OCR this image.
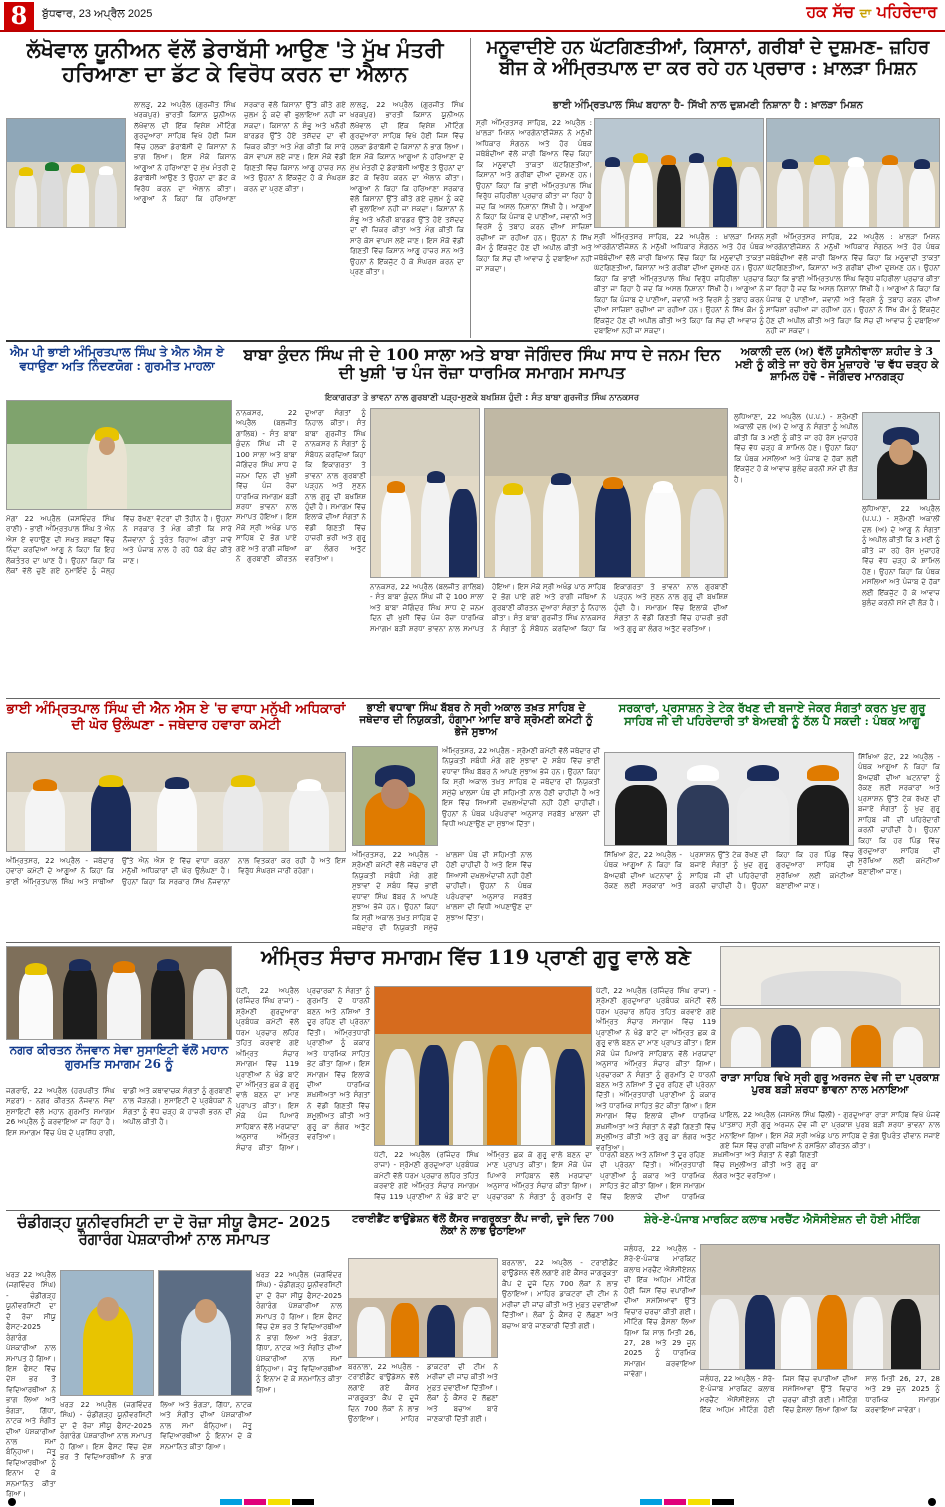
8	ਬੁੱਧਵਾਰ, 23 ਅਪ੍ਰੈਲ 2025	ਹਕ ਸੱਚ ਦਾ ਪਹਿਰੇਦਾਰ
ਲੱਖੋਵਾਲ ਯੂਨੀਅਨ ਵੱਲੋਂ ਡੇਰਾਬੱਸੀ ਆਉਣ 'ਤੇ ਮੁੱਖ ਮੰਤਰੀ ਹਰਿਆਣਾ ਦਾ ਡੱਟ ਕੇ ਵਿਰੋਧ ਕਰਨ ਦਾ ਐਲਾਨ
ਲਾਲੜੂ, 22 ਅਪ੍ਰੈਲ (ਗੁਰਜੀਤ ਸਿੰਘ ਖਰਕਪੁਰ) ਭਾਰਤੀ ਕਿਸਾਨ ਯੂਨੀਅਨ ਲੱਖੋਵਾਲ ਦੀ ਇੱਕ ਵਿਸ਼ੇਸ਼ ਮੀਟਿੰਗ ਗੁਰਦੁਆਰਾ ਸਾਹਿਬ ਵਿਖੇ ਹੋਈ ਜਿਸ ਵਿੱਚ ਹਲਕਾ ਡੇਰਾਬੱਸੀ ਦੇ ਕਿਸਾਨਾਂ ਨੇ ਭਾਗ ਲਿਆ। ਇਸ ਮੌਕੇ ਕਿਸਾਨ ਆਗੂਆਂ ਨੇ ਹਰਿਆਣਾ ਦੇ ਮੁੱਖ ਮੰਤਰੀ ਦੇ ਡੇਰਾਬੱਸੀ ਆਉਣ ਤੇ ਉਹਨਾਂ ਦਾ ਡੱਟ ਕੇ ਵਿਰੋਧ ਕਰਨ ਦਾ ਐਲਾਨ ਕੀਤਾ। ਆਗੂਆਂ ਨੇ ਕਿਹਾ ਕਿ ਹਰਿਆਣਾ ਸਰਕਾਰ ਵੱਲੋਂ ਕਿਸਾਨਾਂ ਉੱਤੇ ਕੀਤੇ ਗਏ ਜ਼ੁਲਮ ਨੂੰ ਕਦੇ ਵੀ ਭੁਲਾਇਆ ਨਹੀਂ ਜਾ ਸਕਦਾ। ਕਿਸਾਨਾਂ ਨੇ ਸ਼ੰਭੂ ਅਤੇ ਖਨੌਰੀ ਬਾਰਡਰ ਉੱਤੇ ਹੋਏ ਤਸ਼ੱਦਦ ਦਾ ਵੀ ਜ਼ਿਕਰ ਕੀਤਾ ਅਤੇ ਮੰਗ ਕੀਤੀ ਕਿ ਸਾਰੇ ਕੇਸ ਵਾਪਸ ਲਏ ਜਾਣ। ਇਸ ਮੌਕੇ ਵੱਡੀ ਗਿਣਤੀ ਵਿੱਚ ਕਿਸਾਨ ਆਗੂ ਹਾਜ਼ਰ ਸਨ ਅਤੇ ਉਹਨਾਂ ਨੇ ਇੱਕਜੁੱਟ ਹੋ ਕੇ ਸੰਘਰਸ਼ ਕਰਨ ਦਾ ਪ੍ਰਣ ਕੀਤਾ।
ਲਾਲੜੂ, 22 ਅਪ੍ਰੈਲ (ਗੁਰਜੀਤ ਸਿੰਘ ਖਰਕਪੁਰ) ਭਾਰਤੀ ਕਿਸਾਨ ਯੂਨੀਅਨ ਲੱਖੋਵਾਲ ਦੀ ਇੱਕ ਵਿਸ਼ੇਸ਼ ਮੀਟਿੰਗ ਗੁਰਦੁਆਰਾ ਸਾਹਿਬ ਵਿਖੇ ਹੋਈ ਜਿਸ ਵਿੱਚ ਹਲਕਾ ਡੇਰਾਬੱਸੀ ਦੇ ਕਿਸਾਨਾਂ ਨੇ ਭਾਗ ਲਿਆ। ਇਸ ਮੌਕੇ ਕਿਸਾਨ ਆਗੂਆਂ ਨੇ ਹਰਿਆਣਾ ਦੇ ਮੁੱਖ ਮੰਤਰੀ ਦੇ ਡੇਰਾਬੱਸੀ ਆਉਣ ਤੇ ਉਹਨਾਂ ਦਾ ਡੱਟ ਕੇ ਵਿਰੋਧ ਕਰਨ ਦਾ ਐਲਾਨ ਕੀਤਾ। ਆਗੂਆਂ ਨੇ ਕਿਹਾ ਕਿ ਹਰਿਆਣਾ ਸਰਕਾਰ ਵੱਲੋਂ ਕਿਸਾਨਾਂ ਉੱਤੇ ਕੀਤੇ ਗਏ ਜ਼ੁਲਮ ਨੂੰ ਕਦੇ ਵੀ ਭੁਲਾਇਆ ਨਹੀਂ ਜਾ ਸਕਦਾ। ਕਿਸਾਨਾਂ ਨੇ ਸ਼ੰਭੂ ਅਤੇ ਖਨੌਰੀ ਬਾਰਡਰ ਉੱਤੇ ਹੋਏ ਤਸ਼ੱਦਦ ਦਾ ਵੀ ਜ਼ਿਕਰ ਕੀਤਾ ਅਤੇ ਮੰਗ ਕੀਤੀ ਕਿ ਸਾਰੇ ਕੇਸ ਵਾਪਸ ਲਏ ਜਾਣ। ਇਸ ਮੌਕੇ ਵੱਡੀ ਗਿਣਤੀ ਵਿੱਚ ਕਿਸਾਨ ਆਗੂ ਹਾਜ਼ਰ ਸਨ ਅਤੇ ਉਹਨਾਂ ਨੇ ਇੱਕਜੁੱਟ ਹੋ ਕੇ ਸੰਘਰਸ਼ ਕਰਨ ਦਾ ਪ੍ਰਣ ਕੀਤਾ।
ਮਨੂਵਾਦੀਏ ਹਨ ਘੱਟਗਿਣਤੀਆਂ, ਕਿਸਾਨਾਂ, ਗਰੀਬਾਂ ਦੇ ਦੁਸ਼ਮਣ- ਜ਼ਹਿਰ ਬੀਜ ਕੇ ਅੰਮ੍ਰਿਤਪਾਲ ਦਾ ਕਰ ਰਹੇ ਹਨ ਪ੍ਰਚਾਰ : ਖ਼ਾਲੜਾ ਮਿਸ਼ਨ
ਭਾਈ ਅੰਮ੍ਰਿਤਪਾਲ ਸਿੰਘ ਬਹਾਨਾ ਹੈ- ਸਿੱਖੀ ਨਾਲ ਦੁਸ਼ਮਣੀ ਨਿਸ਼ਾਨਾ ਹੈ : ਖ਼ਾਲੜਾ ਮਿਸ਼ਨ
ਸ੍ਰੀ ਅੰਮ੍ਰਿਤਸਰ ਸਾਹਿਬ, 22 ਅਪ੍ਰੈਲ : ਖ਼ਾਲੜਾ ਮਿਸ਼ਨ ਆਰਗੇਨਾਈਜੇਸ਼ਨ ਨੇ ਮਨੁੱਖੀ ਅਧਿਕਾਰ ਸੰਗਠਨ ਅਤੇ ਹੋਰ ਪੰਥਕ ਜਥੇਬੰਦੀਆਂ ਵੱਲੋਂ ਜਾਰੀ ਬਿਆਨ ਵਿੱਚ ਕਿਹਾ ਕਿ ਮਨੂਵਾਦੀ ਤਾਕਤਾਂ ਘੱਟਗਿਣਤੀਆਂ, ਕਿਸਾਨਾਂ ਅਤੇ ਗਰੀਬਾਂ ਦੀਆਂ ਦੁਸ਼ਮਣ ਹਨ। ਉਹਨਾਂ ਕਿਹਾ ਕਿ ਭਾਈ ਅੰਮ੍ਰਿਤਪਾਲ ਸਿੰਘ ਵਿਰੁੱਧ ਜ਼ਹਿਰੀਲਾ ਪ੍ਰਚਾਰ ਕੀਤਾ ਜਾ ਰਿਹਾ ਹੈ ਜਦ ਕਿ ਅਸਲ ਨਿਸ਼ਾਨਾ ਸਿੱਖੀ ਹੈ। ਆਗੂਆਂ ਨੇ ਕਿਹਾ ਕਿ ਪੰਜਾਬ ਦੇ ਪਾਣੀਆਂ, ਜਵਾਨੀ ਅਤੇ ਵਿਰਸੇ ਨੂੰ ਤਬਾਹ ਕਰਨ ਦੀਆਂ ਸਾਜ਼ਿਸ਼ਾਂ ਰਚੀਆਂ ਜਾ ਰਹੀਆਂ ਹਨ। ਉਹਨਾਂ ਨੇ ਸਿੱਖ ਕੌਮ ਨੂੰ ਇੱਕਜੁੱਟ ਹੋਣ ਦੀ ਅਪੀਲ ਕੀਤੀ ਅਤੇ ਕਿਹਾ ਕਿ ਸੱਚ ਦੀ ਆਵਾਜ਼ ਨੂੰ ਦਬਾਇਆ ਨਹੀਂ ਜਾ ਸਕਦਾ।
ਸ੍ਰੀ ਅੰਮ੍ਰਿਤਸਰ ਸਾਹਿਬ, 22 ਅਪ੍ਰੈਲ : ਖ਼ਾਲੜਾ ਮਿਸ਼ਨ ਆਰਗੇਨਾਈਜੇਸ਼ਨ ਨੇ ਮਨੁੱਖੀ ਅਧਿਕਾਰ ਸੰਗਠਨ ਅਤੇ ਹੋਰ ਪੰਥਕ ਜਥੇਬੰਦੀਆਂ ਵੱਲੋਂ ਜਾਰੀ ਬਿਆਨ ਵਿੱਚ ਕਿਹਾ ਕਿ ਮਨੂਵਾਦੀ ਤਾਕਤਾਂ ਘੱਟਗਿਣਤੀਆਂ, ਕਿਸਾਨਾਂ ਅਤੇ ਗਰੀਬਾਂ ਦੀਆਂ ਦੁਸ਼ਮਣ ਹਨ। ਉਹਨਾਂ ਕਿਹਾ ਕਿ ਭਾਈ ਅੰਮ੍ਰਿਤਪਾਲ ਸਿੰਘ ਵਿਰੁੱਧ ਜ਼ਹਿਰੀਲਾ ਪ੍ਰਚਾਰ ਕੀਤਾ ਜਾ ਰਿਹਾ ਹੈ ਜਦ ਕਿ ਅਸਲ ਨਿਸ਼ਾਨਾ ਸਿੱਖੀ ਹੈ। ਆਗੂਆਂ ਨੇ ਕਿਹਾ ਕਿ ਪੰਜਾਬ ਦੇ ਪਾਣੀਆਂ, ਜਵਾਨੀ ਅਤੇ ਵਿਰਸੇ ਨੂੰ ਤਬਾਹ ਕਰਨ ਦੀਆਂ ਸਾਜ਼ਿਸ਼ਾਂ ਰਚੀਆਂ ਜਾ ਰਹੀਆਂ ਹਨ। ਉਹਨਾਂ ਨੇ ਸਿੱਖ ਕੌਮ ਨੂੰ ਇੱਕਜੁੱਟ ਹੋਣ ਦੀ ਅਪੀਲ ਕੀਤੀ ਅਤੇ ਕਿਹਾ ਕਿ ਸੱਚ ਦੀ ਆਵਾਜ਼ ਨੂੰ ਦਬਾਇਆ ਨਹੀਂ ਜਾ ਸਕਦਾ।
ਸ੍ਰੀ ਅੰਮ੍ਰਿਤਸਰ ਸਾਹਿਬ, 22 ਅਪ੍ਰੈਲ : ਖ਼ਾਲੜਾ ਮਿਸ਼ਨ ਆਰਗੇਨਾਈਜੇਸ਼ਨ ਨੇ ਮਨੁੱਖੀ ਅਧਿਕਾਰ ਸੰਗਠਨ ਅਤੇ ਹੋਰ ਪੰਥਕ ਜਥੇਬੰਦੀਆਂ ਵੱਲੋਂ ਜਾਰੀ ਬਿਆਨ ਵਿੱਚ ਕਿਹਾ ਕਿ ਮਨੂਵਾਦੀ ਤਾਕਤਾਂ ਘੱਟਗਿਣਤੀਆਂ, ਕਿਸਾਨਾਂ ਅਤੇ ਗਰੀਬਾਂ ਦੀਆਂ ਦੁਸ਼ਮਣ ਹਨ। ਉਹਨਾਂ ਕਿਹਾ ਕਿ ਭਾਈ ਅੰਮ੍ਰਿਤਪਾਲ ਸਿੰਘ ਵਿਰੁੱਧ ਜ਼ਹਿਰੀਲਾ ਪ੍ਰਚਾਰ ਕੀਤਾ ਜਾ ਰਿਹਾ ਹੈ ਜਦ ਕਿ ਅਸਲ ਨਿਸ਼ਾਨਾ ਸਿੱਖੀ ਹੈ। ਆਗੂਆਂ ਨੇ ਕਿਹਾ ਕਿ ਪੰਜਾਬ ਦੇ ਪਾਣੀਆਂ, ਜਵਾਨੀ ਅਤੇ ਵਿਰਸੇ ਨੂੰ ਤਬਾਹ ਕਰਨ ਦੀਆਂ ਸਾਜ਼ਿਸ਼ਾਂ ਰਚੀਆਂ ਜਾ ਰਹੀਆਂ ਹਨ। ਉਹਨਾਂ ਨੇ ਸਿੱਖ ਕੌਮ ਨੂੰ ਇੱਕਜੁੱਟ ਹੋਣ ਦੀ ਅਪੀਲ ਕੀਤੀ ਅਤੇ ਕਿਹਾ ਕਿ ਸੱਚ ਦੀ ਆਵਾਜ਼ ਨੂੰ ਦਬਾਇਆ ਨਹੀਂ ਜਾ ਸਕਦਾ।
ਐਮ ਪੀ ਭਾਈ ਅੰਮ੍ਰਿਤਪਾਲ ਸਿੰਘ ਤੇ ਐਨ ਐਸ ਏ ਵਧਾਉਣਾ ਅਤਿ ਨਿੰਦਣਯੋਗ : ਗੁਰਮੀਤ ਮਾਹਲਾ
ਮੋਗਾ 22 ਅਪ੍ਰੈਲ (ਜਸਵਿੰਦਰ ਸਿੰਘ ਰਾਣੀ) - ਭਾਈ ਅੰਮ੍ਰਿਤਪਾਲ ਸਿੰਘ ਤੇ ਐਨ ਐਸ ਏ ਵਧਾਉਣ ਦੀ ਸਖ਼ਤ ਸ਼ਬਦਾਂ ਵਿੱਚ ਨਿੰਦਾ ਕਰਦਿਆਂ ਆਗੂ ਨੇ ਕਿਹਾ ਕਿ ਇਹ ਲੋਕਤੰਤਰ ਦਾ ਘਾਣ ਹੈ। ਉਹਨਾਂ ਕਿਹਾ ਕਿ ਲੋਕਾਂ ਵੱਲੋਂ ਚੁਣੇ ਗਏ ਨੁਮਾਇੰਦੇ ਨੂੰ ਜੇਲ੍ਹ ਵਿੱਚ ਰੱਖਣਾ ਵੋਟਰਾਂ ਦੀ ਤੌਹੀਨ ਹੈ। ਉਹਨਾਂ ਨੇ ਸਰਕਾਰ ਤੋਂ ਮੰਗ ਕੀਤੀ ਕਿ ਸਾਰੇ ਨੌਜਵਾਨਾਂ ਨੂੰ ਤੁਰੰਤ ਰਿਹਾਅ ਕੀਤਾ ਜਾਵੇ ਅਤੇ ਪੰਜਾਬ ਨਾਲ ਹੋ ਰਹੇ ਧੱਕੇ ਬੰਦ ਕੀਤੇ ਜਾਣ।
ਬਾਬਾ ਕੁੰਦਨ ਸਿੰਘ ਜੀ ਦੇ 100 ਸਾਲਾ ਅਤੇ ਬਾਬਾ ਜੋਗਿੰਦਰ ਸਿੰਘ ਸਾਧ ਦੇ ਜਨਮ ਦਿਨ ਦੀ ਖੁਸ਼ੀ 'ਚ ਪੰਜ ਰੋਜ਼ਾ ਧਾਰਮਿਕ ਸਮਾਗਮ ਸਮਾਪਤ
ਇਕਾਗਰਤਾ ਤੇ ਭਾਵਨਾ ਨਾਲ ਗੁਰਬਾਣੀ ਪੜ੍ਹ-ਸੁਣਕੇ ਬਖਸ਼ਿਸ਼ ਹੁੰਦੀ : ਸੰਤ ਬਾਬਾ ਗੁਰਜੀਤ ਸਿੰਘ ਨਾਨਕਸਰ
ਨਾਨਕਸਰ, 22 ਅਪ੍ਰੈਲ (ਬਲਜੀਤ ਗਾਲਿਬ) - ਸੰਤ ਬਾਬਾ ਕੁੰਦਨ ਸਿੰਘ ਜੀ ਦੇ 100 ਸਾਲਾ ਅਤੇ ਬਾਬਾ ਜੋਗਿੰਦਰ ਸਿੰਘ ਸਾਧ ਦੇ ਜਨਮ ਦਿਨ ਦੀ ਖੁਸ਼ੀ ਵਿੱਚ ਪੰਜ ਰੋਜ਼ਾ ਧਾਰਮਿਕ ਸਮਾਗਮ ਬੜੀ ਸ਼ਰਧਾ ਭਾਵਨਾ ਨਾਲ ਸਮਾਪਤ ਹੋਇਆ। ਇਸ ਮੌਕੇ ਸ੍ਰੀ ਅਖੰਡ ਪਾਠ ਸਾਹਿਬ ਦੇ ਭੋਗ ਪਾਏ ਗਏ ਅਤੇ ਰਾਗੀ ਜਥਿਆਂ ਨੇ ਗੁਰਬਾਣੀ ਕੀਰਤਨ ਦੁਆਰਾ ਸੰਗਤਾਂ ਨੂੰ ਨਿਹਾਲ ਕੀਤਾ। ਸੰਤ ਬਾਬਾ ਗੁਰਜੀਤ ਸਿੰਘ ਨਾਨਕਸਰ ਨੇ ਸੰਗਤਾਂ ਨੂੰ ਸੰਬੋਧਨ ਕਰਦਿਆਂ ਕਿਹਾ ਕਿ ਇਕਾਗਰਤਾ ਤੇ ਭਾਵਨਾ ਨਾਲ ਗੁਰਬਾਣੀ ਪੜ੍ਹਨ ਅਤੇ ਸੁਣਨ ਨਾਲ ਗੁਰੂ ਦੀ ਬਖਸ਼ਿਸ਼ ਹੁੰਦੀ ਹੈ। ਸਮਾਗਮ ਵਿੱਚ ਇਲਾਕੇ ਦੀਆਂ ਸੰਗਤਾਂ ਨੇ ਵੱਡੀ ਗਿਣਤੀ ਵਿੱਚ ਹਾਜ਼ਰੀ ਭਰੀ ਅਤੇ ਗੁਰੂ ਕਾ ਲੰਗਰ ਅਤੁੱਟ ਵਰਤਿਆ।
ਨਾਨਕਸਰ, 22 ਅਪ੍ਰੈਲ (ਬਲਜੀਤ ਗਾਲਿਬ) - ਸੰਤ ਬਾਬਾ ਕੁੰਦਨ ਸਿੰਘ ਜੀ ਦੇ 100 ਸਾਲਾ ਅਤੇ ਬਾਬਾ ਜੋਗਿੰਦਰ ਸਿੰਘ ਸਾਧ ਦੇ ਜਨਮ ਦਿਨ ਦੀ ਖੁਸ਼ੀ ਵਿੱਚ ਪੰਜ ਰੋਜ਼ਾ ਧਾਰਮਿਕ ਸਮਾਗਮ ਬੜੀ ਸ਼ਰਧਾ ਭਾਵਨਾ ਨਾਲ ਸਮਾਪਤ ਹੋਇਆ। ਇਸ ਮੌਕੇ ਸ੍ਰੀ ਅਖੰਡ ਪਾਠ ਸਾਹਿਬ ਦੇ ਭੋਗ ਪਾਏ ਗਏ ਅਤੇ ਰਾਗੀ ਜਥਿਆਂ ਨੇ ਗੁਰਬਾਣੀ ਕੀਰਤਨ ਦੁਆਰਾ ਸੰਗਤਾਂ ਨੂੰ ਨਿਹਾਲ ਕੀਤਾ। ਸੰਤ ਬਾਬਾ ਗੁਰਜੀਤ ਸਿੰਘ ਨਾਨਕਸਰ ਨੇ ਸੰਗਤਾਂ ਨੂੰ ਸੰਬੋਧਨ ਕਰਦਿਆਂ ਕਿਹਾ ਕਿ ਇਕਾਗਰਤਾ ਤੇ ਭਾਵਨਾ ਨਾਲ ਗੁਰਬਾਣੀ ਪੜ੍ਹਨ ਅਤੇ ਸੁਣਨ ਨਾਲ ਗੁਰੂ ਦੀ ਬਖਸ਼ਿਸ਼ ਹੁੰਦੀ ਹੈ। ਸਮਾਗਮ ਵਿੱਚ ਇਲਾਕੇ ਦੀਆਂ ਸੰਗਤਾਂ ਨੇ ਵੱਡੀ ਗਿਣਤੀ ਵਿੱਚ ਹਾਜ਼ਰੀ ਭਰੀ ਅਤੇ ਗੁਰੂ ਕਾ ਲੰਗਰ ਅਤੁੱਟ ਵਰਤਿਆ।
ਅਕਾਲੀ ਦਲ (ਅ) ਵੱਲੋਂ ਯੂਸੈਨੀਵਾਲਾ ਸ਼ਹੀਦ ਤੇ 3 ਮਈ ਨੂੰ ਕੀਤੇ ਜਾ ਰਹੇ ਰੋਸ ਮੁਜ਼ਾਹਰੇ 'ਚ ਵੱਧ ਚੜ੍ਹ ਕੇ ਸ਼ਾਮਿਲ ਹੋਵੋ - ਜੋਗਿੰਦਰ ਮਾਨਗੜ੍ਹ
ਲੁਧਿਆਣਾ, 22 ਅਪ੍ਰੈਲ (ਪ.ਪ.) - ਸ਼੍ਰੋਮਣੀ ਅਕਾਲੀ ਦਲ (ਅ) ਦੇ ਆਗੂ ਨੇ ਸੰਗਤਾਂ ਨੂੰ ਅਪੀਲ ਕੀਤੀ ਕਿ 3 ਮਈ ਨੂੰ ਕੀਤੇ ਜਾ ਰਹੇ ਰੋਸ ਮੁਜ਼ਾਹਰੇ ਵਿੱਚ ਵੱਧ ਚੜ੍ਹ ਕੇ ਸ਼ਾਮਿਲ ਹੋਣ। ਉਹਨਾਂ ਕਿਹਾ ਕਿ ਪੰਥਕ ਮਸਲਿਆਂ ਅਤੇ ਪੰਜਾਬ ਦੇ ਹੱਕਾਂ ਲਈ ਇੱਕਜੁੱਟ ਹੋ ਕੇ ਆਵਾਜ਼ ਬੁਲੰਦ ਕਰਨੀ ਸਮੇਂ ਦੀ ਲੋੜ ਹੈ।
ਲੁਧਿਆਣਾ, 22 ਅਪ੍ਰੈਲ (ਪ.ਪ.) - ਸ਼੍ਰੋਮਣੀ ਅਕਾਲੀ ਦਲ (ਅ) ਦੇ ਆਗੂ ਨੇ ਸੰਗਤਾਂ ਨੂੰ ਅਪੀਲ ਕੀਤੀ ਕਿ 3 ਮਈ ਨੂੰ ਕੀਤੇ ਜਾ ਰਹੇ ਰੋਸ ਮੁਜ਼ਾਹਰੇ ਵਿੱਚ ਵੱਧ ਚੜ੍ਹ ਕੇ ਸ਼ਾਮਿਲ ਹੋਣ। ਉਹਨਾਂ ਕਿਹਾ ਕਿ ਪੰਥਕ ਮਸਲਿਆਂ ਅਤੇ ਪੰਜਾਬ ਦੇ ਹੱਕਾਂ ਲਈ ਇੱਕਜੁੱਟ ਹੋ ਕੇ ਆਵਾਜ਼ ਬੁਲੰਦ ਕਰਨੀ ਸਮੇਂ ਦੀ ਲੋੜ ਹੈ।
ਭਾਈ ਅੰਮ੍ਰਿਤਪਾਲ ਸਿੰਘ ਦੀ ਐਨ ਐਸ ਏ 'ਚ ਵਾਧਾ ਮਨੁੱਖੀ ਅਧਿਕਾਰਾਂ ਦੀ ਘੋਰ ਉਲੰਘਣਾ - ਜਥੇਦਾਰ ਹਵਾਰਾ ਕਮੇਟੀ
ਅੰਮ੍ਰਿਤਸਰ, 22 ਅਪ੍ਰੈਲ - ਜਥੇਦਾਰ ਹਵਾਰਾ ਕਮੇਟੀ ਦੇ ਆਗੂਆਂ ਨੇ ਕਿਹਾ ਕਿ ਭਾਈ ਅੰਮ੍ਰਿਤਪਾਲ ਸਿੰਘ ਅਤੇ ਸਾਥੀਆਂ ਉੱਤੇ ਐਨ ਐਸ ਏ ਵਿੱਚ ਵਾਧਾ ਕਰਨਾ ਮਨੁੱਖੀ ਅਧਿਕਾਰਾਂ ਦੀ ਘੋਰ ਉਲੰਘਣਾ ਹੈ। ਉਹਨਾਂ ਕਿਹਾ ਕਿ ਸਰਕਾਰ ਸਿੱਖ ਨੌਜਵਾਨਾਂ ਨਾਲ ਵਿਤਕਰਾ ਕਰ ਰਹੀ ਹੈ ਅਤੇ ਇਸ ਵਿਰੁੱਧ ਸੰਘਰਸ਼ ਜਾਰੀ ਰਹੇਗਾ।
ਭਾਈ ਵਧਾਵਾ ਸਿੰਘ ਬੱਬਰ ਨੇ ਸ੍ਰੀ ਅਕਾਲ ਤਖ਼ਤ ਸਾਹਿਬ ਦੇ ਜਥੇਦਾਰ ਦੀ ਨਿਯੁਕਤੀ, ਹੰਗਾਮਾ ਆਦਿ ਬਾਰੇ ਸ਼੍ਰੋਮਣੀ ਕਮੇਟੀ ਨੂੰ ਭੇਜੇ ਸੁਝਾਅ
ਅੰਮ੍ਰਿਤਸਰ, 22 ਅਪ੍ਰੈਲ - ਸ਼੍ਰੋਮਣੀ ਕਮੇਟੀ ਵੱਲੋਂ ਜਥੇਦਾਰ ਦੀ ਨਿਯੁਕਤੀ ਸਬੰਧੀ ਮੰਗੇ ਗਏ ਸੁਝਾਵਾਂ ਦੇ ਸਬੰਧ ਵਿੱਚ ਭਾਈ ਵਧਾਵਾ ਸਿੰਘ ਬੱਬਰ ਨੇ ਆਪਣੇ ਸੁਝਾਅ ਭੇਜੇ ਹਨ। ਉਹਨਾਂ ਕਿਹਾ ਕਿ ਸ੍ਰੀ ਅਕਾਲ ਤਖ਼ਤ ਸਾਹਿਬ ਦੇ ਜਥੇਦਾਰ ਦੀ ਨਿਯੁਕਤੀ ਸਮੁੱਚੇ ਖ਼ਾਲਸਾ ਪੰਥ ਦੀ ਸਹਿਮਤੀ ਨਾਲ ਹੋਣੀ ਚਾਹੀਦੀ ਹੈ ਅਤੇ ਇਸ ਵਿੱਚ ਸਿਆਸੀ ਦਖ਼ਲਅੰਦਾਜ਼ੀ ਨਹੀਂ ਹੋਣੀ ਚਾਹੀਦੀ। ਉਹਨਾਂ ਨੇ ਪੰਥਕ ਪਰੰਪਰਾਵਾਂ ਅਨੁਸਾਰ ਸਰਬੱਤ ਖ਼ਾਲਸਾ ਦੀ ਵਿਧੀ ਅਪਣਾਉਣ ਦਾ ਸੁਝਾਅ ਦਿੱਤਾ।
ਅੰਮ੍ਰਿਤਸਰ, 22 ਅਪ੍ਰੈਲ - ਸ਼੍ਰੋਮਣੀ ਕਮੇਟੀ ਵੱਲੋਂ ਜਥੇਦਾਰ ਦੀ ਨਿਯੁਕਤੀ ਸਬੰਧੀ ਮੰਗੇ ਗਏ ਸੁਝਾਵਾਂ ਦੇ ਸਬੰਧ ਵਿੱਚ ਭਾਈ ਵਧਾਵਾ ਸਿੰਘ ਬੱਬਰ ਨੇ ਆਪਣੇ ਸੁਝਾਅ ਭੇਜੇ ਹਨ। ਉਹਨਾਂ ਕਿਹਾ ਕਿ ਸ੍ਰੀ ਅਕਾਲ ਤਖ਼ਤ ਸਾਹਿਬ ਦੇ ਜਥੇਦਾਰ ਦੀ ਨਿਯੁਕਤੀ ਸਮੁੱਚੇ ਖ਼ਾਲਸਾ ਪੰਥ ਦੀ ਸਹਿਮਤੀ ਨਾਲ ਹੋਣੀ ਚਾਹੀਦੀ ਹੈ ਅਤੇ ਇਸ ਵਿੱਚ ਸਿਆਸੀ ਦਖ਼ਲਅੰਦਾਜ਼ੀ ਨਹੀਂ ਹੋਣੀ ਚਾਹੀਦੀ। ਉਹਨਾਂ ਨੇ ਪੰਥਕ ਪਰੰਪਰਾਵਾਂ ਅਨੁਸਾਰ ਸਰਬੱਤ ਖ਼ਾਲਸਾ ਦੀ ਵਿਧੀ ਅਪਣਾਉਣ ਦਾ ਸੁਝਾਅ ਦਿੱਤਾ।
ਸਰਕਾਰਾਂ, ਪ੍ਰਸਾਸ਼ਨ ਤੇ ਟੇਕ ਰੱਖਣ ਦੀ ਬਜਾਏ ਜੇਕਰ ਸੰਗਤਾਂ ਕਰਨ ਖੁਦ ਗੁਰੂ ਸਾਹਿਬ ਜੀ ਦੀ ਪਹਿਰੇਦਾਰੀ ਤਾਂ ਬੇਅਦਬੀ ਨੂੰ ਠੱਲ ਪੈ ਸਕਦੀ : ਪੰਥਕ ਆਗੂ
ਸਿੱਖਿਆ ਫ਼ੇਟ, 22 ਅਪ੍ਰੈਲ - ਪੰਥਕ ਆਗੂਆਂ ਨੇ ਕਿਹਾ ਕਿ ਬੇਅਦਬੀ ਦੀਆਂ ਘਟਨਾਵਾਂ ਨੂੰ ਰੋਕਣ ਲਈ ਸਰਕਾਰਾਂ ਅਤੇ ਪ੍ਰਸਾਸ਼ਨ ਉੱਤੇ ਟੇਕ ਰੱਖਣ ਦੀ ਬਜਾਏ ਸੰਗਤਾਂ ਨੂੰ ਖੁਦ ਗੁਰੂ ਸਾਹਿਬ ਜੀ ਦੀ ਪਹਿਰੇਦਾਰੀ ਕਰਨੀ ਚਾਹੀਦੀ ਹੈ। ਉਹਨਾਂ ਕਿਹਾ ਕਿ ਹਰ ਪਿੰਡ ਵਿੱਚ ਗੁਰਦੁਆਰਾ ਸਾਹਿਬ ਦੀ ਸੁਰੱਖਿਆ ਲਈ ਕਮੇਟੀਆਂ ਬਣਾਈਆਂ ਜਾਣ।
ਸਿੱਖਿਆ ਫ਼ੇਟ, 22 ਅਪ੍ਰੈਲ - ਪੰਥਕ ਆਗੂਆਂ ਨੇ ਕਿਹਾ ਕਿ ਬੇਅਦਬੀ ਦੀਆਂ ਘਟਨਾਵਾਂ ਨੂੰ ਰੋਕਣ ਲਈ ਸਰਕਾਰਾਂ ਅਤੇ ਪ੍ਰਸਾਸ਼ਨ ਉੱਤੇ ਟੇਕ ਰੱਖਣ ਦੀ ਬਜਾਏ ਸੰਗਤਾਂ ਨੂੰ ਖੁਦ ਗੁਰੂ ਸਾਹਿਬ ਜੀ ਦੀ ਪਹਿਰੇਦਾਰੀ ਕਰਨੀ ਚਾਹੀਦੀ ਹੈ। ਉਹਨਾਂ ਕਿਹਾ ਕਿ ਹਰ ਪਿੰਡ ਵਿੱਚ ਗੁਰਦੁਆਰਾ ਸਾਹਿਬ ਦੀ ਸੁਰੱਖਿਆ ਲਈ ਕਮੇਟੀਆਂ ਬਣਾਈਆਂ ਜਾਣ।
ਅੰਮ੍ਰਿਤ ਸੰਚਾਰ ਸਮਾਗਮ ਵਿੱਚ 119 ਪ੍ਰਾਣੀ ਗੁਰੂ ਵਾਲੇ ਬਣੇ
ਪੱਟੀ, 22 ਅਪ੍ਰੈਲ (ਰਜਿੰਦਰ ਸਿੰਘ ਰਾਜਾ) - ਸ਼੍ਰੋਮਣੀ ਗੁਰਦੁਆਰਾ ਪ੍ਰਬੰਧਕ ਕਮੇਟੀ ਵੱਲੋਂ ਧਰਮ ਪ੍ਰਚਾਰ ਲਹਿਰ ਤਹਿਤ ਕਰਵਾਏ ਗਏ ਅੰਮ੍ਰਿਤ ਸੰਚਾਰ ਸਮਾਗਮ ਵਿੱਚ 119 ਪ੍ਰਾਣੀਆਂ ਨੇ ਖੰਡੇ ਬਾਟੇ ਦਾ ਅੰਮ੍ਰਿਤ ਛਕ ਕੇ ਗੁਰੂ ਵਾਲੇ ਬਣਨ ਦਾ ਮਾਣ ਪ੍ਰਾਪਤ ਕੀਤਾ। ਇਸ ਮੌਕੇ ਪੰਜ ਪਿਆਰੇ ਸਾਹਿਬਾਨ ਵੱਲੋਂ ਮਰਯਾਦਾ ਅਨੁਸਾਰ ਅੰਮ੍ਰਿਤ ਸੰਚਾਰ ਕੀਤਾ ਗਿਆ। ਪ੍ਰਚਾਰਕਾਂ ਨੇ ਸੰਗਤਾਂ ਨੂੰ ਗੁਰਮਤਿ ਦੇ ਧਾਰਨੀ ਬਣਨ ਅਤੇ ਨਸ਼ਿਆਂ ਤੋਂ ਦੂਰ ਰਹਿਣ ਦੀ ਪ੍ਰੇਰਨਾ ਦਿੱਤੀ। ਅੰਮ੍ਰਿਤਧਾਰੀ ਪ੍ਰਾਣੀਆਂ ਨੂੰ ਕਕਾਰ ਅਤੇ ਧਾਰਮਿਕ ਸਾਹਿਤ ਭੇਟ ਕੀਤਾ ਗਿਆ। ਇਸ ਸਮਾਗਮ ਵਿੱਚ ਇਲਾਕੇ ਦੀਆਂ ਧਾਰਮਿਕ ਸ਼ਖ਼ਸੀਅਤਾਂ ਅਤੇ ਸੰਗਤਾਂ ਨੇ ਵੱਡੀ ਗਿਣਤੀ ਵਿੱਚ ਸ਼ਮੂਲੀਅਤ ਕੀਤੀ ਅਤੇ ਗੁਰੂ ਕਾ ਲੰਗਰ ਅਤੁੱਟ ਵਰਤਿਆ।
ਪੱਟੀ, 22 ਅਪ੍ਰੈਲ (ਰਜਿੰਦਰ ਸਿੰਘ ਰਾਜਾ) - ਸ਼੍ਰੋਮਣੀ ਗੁਰਦੁਆਰਾ ਪ੍ਰਬੰਧਕ ਕਮੇਟੀ ਵੱਲੋਂ ਧਰਮ ਪ੍ਰਚਾਰ ਲਹਿਰ ਤਹਿਤ ਕਰਵਾਏ ਗਏ ਅੰਮ੍ਰਿਤ ਸੰਚਾਰ ਸਮਾਗਮ ਵਿੱਚ 119 ਪ੍ਰਾਣੀਆਂ ਨੇ ਖੰਡੇ ਬਾਟੇ ਦਾ ਅੰਮ੍ਰਿਤ ਛਕ ਕੇ ਗੁਰੂ ਵਾਲੇ ਬਣਨ ਦਾ ਮਾਣ ਪ੍ਰਾਪਤ ਕੀਤਾ। ਇਸ ਮੌਕੇ ਪੰਜ ਪਿਆਰੇ ਸਾਹਿਬਾਨ ਵੱਲੋਂ ਮਰਯਾਦਾ ਅਨੁਸਾਰ ਅੰਮ੍ਰਿਤ ਸੰਚਾਰ ਕੀਤਾ ਗਿਆ। ਪ੍ਰਚਾਰਕਾਂ ਨੇ ਸੰਗਤਾਂ ਨੂੰ ਗੁਰਮਤਿ ਦੇ ਧਾਰਨੀ ਬਣਨ ਅਤੇ ਨਸ਼ਿਆਂ ਤੋਂ ਦੂਰ ਰਹਿਣ ਦੀ ਪ੍ਰੇਰਨਾ ਦਿੱਤੀ। ਅੰਮ੍ਰਿਤਧਾਰੀ ਪ੍ਰਾਣੀਆਂ ਨੂੰ ਕਕਾਰ ਅਤੇ ਧਾਰਮਿਕ ਸਾਹਿਤ ਭੇਟ ਕੀਤਾ ਗਿਆ। ਇਸ ਸਮਾਗਮ ਵਿੱਚ ਇਲਾਕੇ ਦੀਆਂ ਧਾਰਮਿਕ ਸ਼ਖ਼ਸੀਅਤਾਂ ਅਤੇ ਸੰਗਤਾਂ ਨੇ ਵੱਡੀ ਗਿਣਤੀ ਵਿੱਚ ਸ਼ਮੂਲੀਅਤ ਕੀਤੀ ਅਤੇ ਗੁਰੂ ਕਾ ਲੰਗਰ ਅਤੁੱਟ ਵਰਤਿਆ।
ਪੱਟੀ, 22 ਅਪ੍ਰੈਲ (ਰਜਿੰਦਰ ਸਿੰਘ ਰਾਜਾ) - ਸ਼੍ਰੋਮਣੀ ਗੁਰਦੁਆਰਾ ਪ੍ਰਬੰਧਕ ਕਮੇਟੀ ਵੱਲੋਂ ਧਰਮ ਪ੍ਰਚਾਰ ਲਹਿਰ ਤਹਿਤ ਕਰਵਾਏ ਗਏ ਅੰਮ੍ਰਿਤ ਸੰਚਾਰ ਸਮਾਗਮ ਵਿੱਚ 119 ਪ੍ਰਾਣੀਆਂ ਨੇ ਖੰਡੇ ਬਾਟੇ ਦਾ ਅੰਮ੍ਰਿਤ ਛਕ ਕੇ ਗੁਰੂ ਵਾਲੇ ਬਣਨ ਦਾ ਮਾਣ ਪ੍ਰਾਪਤ ਕੀਤਾ। ਇਸ ਮੌਕੇ ਪੰਜ ਪਿਆਰੇ ਸਾਹਿਬਾਨ ਵੱਲੋਂ ਮਰਯਾਦਾ ਅਨੁਸਾਰ ਅੰਮ੍ਰਿਤ ਸੰਚਾਰ ਕੀਤਾ ਗਿਆ। ਪ੍ਰਚਾਰਕਾਂ ਨੇ ਸੰਗਤਾਂ ਨੂੰ ਗੁਰਮਤਿ ਦੇ ਧਾਰਨੀ ਬਣਨ ਅਤੇ ਨਸ਼ਿਆਂ ਤੋਂ ਦੂਰ ਰਹਿਣ ਦੀ ਪ੍ਰੇਰਨਾ ਦਿੱਤੀ। ਅੰਮ੍ਰਿਤਧਾਰੀ ਪ੍ਰਾਣੀਆਂ ਨੂੰ ਕਕਾਰ ਅਤੇ ਧਾਰਮਿਕ ਸਾਹਿਤ ਭੇਟ ਕੀਤਾ ਗਿਆ। ਇਸ ਸਮਾਗਮ ਵਿੱਚ ਇਲਾਕੇ ਦੀਆਂ ਧਾਰਮਿਕ ਸ਼ਖ਼ਸੀਅਤਾਂ ਅਤੇ ਸੰਗਤਾਂ ਨੇ ਵੱਡੀ ਗਿਣਤੀ ਵਿੱਚ ਸ਼ਮੂਲੀਅਤ ਕੀਤੀ ਅਤੇ ਗੁਰੂ ਕਾ ਲੰਗਰ ਅਤੁੱਟ ਵਰਤਿਆ।
ਨਗਰ ਕੀਰਤਨ ਨੌਜਵਾਨ ਸੇਵਾ ਸੁਸਾਇਟੀ ਵੱਲੋਂ ਮਹਾਨ ਗੁਰਮਤਿ ਸਮਾਗਮ 26 ਨੂੰ
ਜਗਰਾਓਂ, 22 ਅਪ੍ਰੈਲ (ਹਰਪਰੀਤ ਸਿੰਘ ਸਫ਼ਰਾ) - ਨਗਰ ਕੀਰਤਨ ਨੌਜਵਾਨ ਸੇਵਾ ਸੁਸਾਇਟੀ ਵੱਲੋਂ ਮਹਾਨ ਗੁਰਮਤਿ ਸਮਾਗਮ 26 ਅਪ੍ਰੈਲ ਨੂੰ ਕਰਵਾਇਆ ਜਾ ਰਿਹਾ ਹੈ। ਇਸ ਸਮਾਗਮ ਵਿੱਚ ਪੰਥ ਦੇ ਪ੍ਰਸਿੱਧ ਰਾਗੀ, ਢਾਡੀ ਅਤੇ ਕਥਾਵਾਚਕ ਸੰਗਤਾਂ ਨੂੰ ਗੁਰਬਾਣੀ ਨਾਲ ਜੋੜਨਗੇ। ਸੁਸਾਇਟੀ ਦੇ ਪ੍ਰਬੰਧਕਾਂ ਨੇ ਸੰਗਤਾਂ ਨੂੰ ਵੱਧ ਚੜ੍ਹ ਕੇ ਹਾਜ਼ਰੀ ਭਰਨ ਦੀ ਅਪੀਲ ਕੀਤੀ ਹੈ।
ਰਾੜਾ ਸਾਹਿਬ ਵਿਖੇ ਸ੍ਰੀ ਗੁਰੂ ਅਰਜਨ ਦੇਵ ਜੀ ਦਾ ਪ੍ਰਕਾਸ਼ ਪੁਰਬ ਬੜੀ ਸ਼ਰਧਾ ਭਾਵਨਾ ਨਾਲ ਮਨਾਇਆ
ਪਾਇਲ, 22 ਅਪ੍ਰੈਲ (ਜਸਮੇਲ ਸਿੰਘ ਚਿੱਲੀ) - ਗੁਰਦੁਆਰਾ ਰਾੜਾ ਸਾਹਿਬ ਵਿਖੇ ਪੰਜਵੇਂ ਪਾਤਸ਼ਾਹ ਸ੍ਰੀ ਗੁਰੂ ਅਰਜਨ ਦੇਵ ਜੀ ਦਾ ਪ੍ਰਕਾਸ਼ ਪੁਰਬ ਬੜੀ ਸ਼ਰਧਾ ਭਾਵਨਾ ਨਾਲ ਮਨਾਇਆ ਗਿਆ। ਇਸ ਮੌਕੇ ਸ੍ਰੀ ਅਖੰਡ ਪਾਠ ਸਾਹਿਬ ਦੇ ਭੋਗ ਉਪਰੰਤ ਦੀਵਾਨ ਸਜਾਏ ਗਏ ਜਿਸ ਵਿੱਚ ਰਾਗੀ ਜਥਿਆਂ ਨੇ ਰਸਭਿੰਨਾ ਕੀਰਤਨ ਕੀਤਾ।
ਚੰਡੀਗੜ੍ਹ ਯੂਨੀਵਰਸਿਟੀ ਦਾ ਦੋ ਰੋਜ਼ਾ ਸੀਯੂ ਫੈਸਟ- 2025 ਰੰਗਾਰੰਗ ਪੇਸ਼ਕਾਰੀਆਂ ਨਾਲ ਸਮਾਪਤ
ਖਰੜ 22 ਅਪ੍ਰੈਲ (ਜਗਵਿੰਦਰ ਸਿੰਘ) - ਚੰਡੀਗੜ੍ਹ ਯੂਨੀਵਰਸਿਟੀ ਦਾ ਦੋ ਰੋਜ਼ਾ ਸੀਯੂ ਫੈਸਟ-2025 ਰੰਗਾਰੰਗ ਪੇਸ਼ਕਾਰੀਆਂ ਨਾਲ ਸਮਾਪਤ ਹੋ ਗਿਆ। ਇਸ ਫੈਸਟ ਵਿੱਚ ਦੇਸ਼ ਭਰ ਤੋਂ ਵਿਦਿਆਰਥੀਆਂ ਨੇ ਭਾਗ ਲਿਆ ਅਤੇ ਭੰਗੜਾ, ਗਿੱਧਾ, ਨਾਟਕ ਅਤੇ ਸੰਗੀਤ ਦੀਆਂ ਪੇਸ਼ਕਾਰੀਆਂ ਨਾਲ ਸਮਾਂ ਬੰਨ੍ਹਿਆ। ਜੇਤੂ ਵਿਦਿਆਰਥੀਆਂ ਨੂੰ ਇਨਾਮ ਦੇ ਕੇ ਸਨਮਾਨਿਤ ਕੀਤਾ ਗਿਆ।
ਖਰੜ 22 ਅਪ੍ਰੈਲ (ਜਗਵਿੰਦਰ ਸਿੰਘ) - ਚੰਡੀਗੜ੍ਹ ਯੂਨੀਵਰਸਿਟੀ ਦਾ ਦੋ ਰੋਜ਼ਾ ਸੀਯੂ ਫੈਸਟ-2025 ਰੰਗਾਰੰਗ ਪੇਸ਼ਕਾਰੀਆਂ ਨਾਲ ਸਮਾਪਤ ਹੋ ਗਿਆ। ਇਸ ਫੈਸਟ ਵਿੱਚ ਦੇਸ਼ ਭਰ ਤੋਂ ਵਿਦਿਆਰਥੀਆਂ ਨੇ ਭਾਗ ਲਿਆ ਅਤੇ ਭੰਗੜਾ, ਗਿੱਧਾ, ਨਾਟਕ ਅਤੇ ਸੰਗੀਤ ਦੀਆਂ ਪੇਸ਼ਕਾਰੀਆਂ ਨਾਲ ਸਮਾਂ ਬੰਨ੍ਹਿਆ। ਜੇਤੂ ਵਿਦਿਆਰਥੀਆਂ ਨੂੰ ਇਨਾਮ ਦੇ ਕੇ ਸਨਮਾਨਿਤ ਕੀਤਾ ਗਿਆ।
ਖਰੜ 22 ਅਪ੍ਰੈਲ (ਜਗਵਿੰਦਰ ਸਿੰਘ) - ਚੰਡੀਗੜ੍ਹ ਯੂਨੀਵਰਸਿਟੀ ਦਾ ਦੋ ਰੋਜ਼ਾ ਸੀਯੂ ਫੈਸਟ-2025 ਰੰਗਾਰੰਗ ਪੇਸ਼ਕਾਰੀਆਂ ਨਾਲ ਸਮਾਪਤ ਹੋ ਗਿਆ। ਇਸ ਫੈਸਟ ਵਿੱਚ ਦੇਸ਼ ਭਰ ਤੋਂ ਵਿਦਿਆਰਥੀਆਂ ਨੇ ਭਾਗ ਲਿਆ ਅਤੇ ਭੰਗੜਾ, ਗਿੱਧਾ, ਨਾਟਕ ਅਤੇ ਸੰਗੀਤ ਦੀਆਂ ਪੇਸ਼ਕਾਰੀਆਂ ਨਾਲ ਸਮਾਂ ਬੰਨ੍ਹਿਆ। ਜੇਤੂ ਵਿਦਿਆਰਥੀਆਂ ਨੂੰ ਇਨਾਮ ਦੇ ਕੇ ਸਨਮਾਨਿਤ ਕੀਤਾ ਗਿਆ।
ਟਰਾਈਡੈਂਟ ਫਾਊਂਡੇਸ਼ਨ ਵੱਲੋਂ ਕੈਂਸਰ ਜਾਗਰੂਕਤਾ ਕੈਂਪ ਜਾਰੀ, ਦੂਜੇ ਦਿਨ 700 ਲੋਕਾਂ ਨੇ ਲਾਭ ਉਠਾਇਆ
ਬਰਨਾਲਾ, 22 ਅਪ੍ਰੈਲ - ਟਰਾਈਡੈਂਟ ਫਾਊਂਡੇਸ਼ਨ ਵੱਲੋਂ ਲਗਾਏ ਗਏ ਕੈਂਸਰ ਜਾਗਰੂਕਤਾ ਕੈਂਪ ਦੇ ਦੂਜੇ ਦਿਨ 700 ਲੋਕਾਂ ਨੇ ਲਾਭ ਉਠਾਇਆ। ਮਾਹਿਰ ਡਾਕਟਰਾਂ ਦੀ ਟੀਮ ਨੇ ਮਰੀਜ਼ਾਂ ਦੀ ਜਾਂਚ ਕੀਤੀ ਅਤੇ ਮੁਫ਼ਤ ਦਵਾਈਆਂ ਦਿੱਤੀਆਂ। ਲੋਕਾਂ ਨੂੰ ਕੈਂਸਰ ਦੇ ਲੱਛਣਾਂ ਅਤੇ ਬਚਾਅ ਬਾਰੇ ਜਾਣਕਾਰੀ ਦਿੱਤੀ ਗਈ।
ਬਰਨਾਲਾ, 22 ਅਪ੍ਰੈਲ - ਟਰਾਈਡੈਂਟ ਫਾਊਂਡੇਸ਼ਨ ਵੱਲੋਂ ਲਗਾਏ ਗਏ ਕੈਂਸਰ ਜਾਗਰੂਕਤਾ ਕੈਂਪ ਦੇ ਦੂਜੇ ਦਿਨ 700 ਲੋਕਾਂ ਨੇ ਲਾਭ ਉਠਾਇਆ। ਮਾਹਿਰ ਡਾਕਟਰਾਂ ਦੀ ਟੀਮ ਨੇ ਮਰੀਜ਼ਾਂ ਦੀ ਜਾਂਚ ਕੀਤੀ ਅਤੇ ਮੁਫ਼ਤ ਦਵਾਈਆਂ ਦਿੱਤੀਆਂ। ਲੋਕਾਂ ਨੂੰ ਕੈਂਸਰ ਦੇ ਲੱਛਣਾਂ ਅਤੇ ਬਚਾਅ ਬਾਰੇ ਜਾਣਕਾਰੀ ਦਿੱਤੀ ਗਈ।
ਸ਼ੇਰੇ-ਏ-ਪੰਜਾਬ ਮਾਰਕਿਟ ਕਲਾਥ ਮਰਚੈਂਟ ਐਸੋਸੀਏਸ਼ਨ ਦੀ ਹੋਈ ਮੀਟਿੰਗ
ਜਲੰਧਰ, 22 ਅਪ੍ਰੈਲ - ਸ਼ੇਰੇ-ਏ-ਪੰਜਾਬ ਮਾਰਕਿਟ ਕਲਾਥ ਮਰਚੈਂਟ ਐਸੋਸੀਏਸ਼ਨ ਦੀ ਇੱਕ ਅਹਿਮ ਮੀਟਿੰਗ ਹੋਈ ਜਿਸ ਵਿੱਚ ਵਪਾਰੀਆਂ ਦੀਆਂ ਸਮੱਸਿਆਵਾਂ ਉੱਤੇ ਵਿਚਾਰ ਚਰਚਾ ਕੀਤੀ ਗਈ। ਮੀਟਿੰਗ ਵਿੱਚ ਫ਼ੈਸਲਾ ਲਿਆ ਗਿਆ ਕਿ ਸਾਲ ਮਿਤੀ 26, 27, 28 ਅਤੇ 29 ਜੂਨ 2025 ਨੂੰ ਧਾਰਮਿਕ ਸਮਾਗਮ ਕਰਵਾਇਆ ਜਾਵੇਗਾ।
ਜਲੰਧਰ, 22 ਅਪ੍ਰੈਲ - ਸ਼ੇਰੇ-ਏ-ਪੰਜਾਬ ਮਾਰਕਿਟ ਕਲਾਥ ਮਰਚੈਂਟ ਐਸੋਸੀਏਸ਼ਨ ਦੀ ਇੱਕ ਅਹਿਮ ਮੀਟਿੰਗ ਹੋਈ ਜਿਸ ਵਿੱਚ ਵਪਾਰੀਆਂ ਦੀਆਂ ਸਮੱਸਿਆਵਾਂ ਉੱਤੇ ਵਿਚਾਰ ਚਰਚਾ ਕੀਤੀ ਗਈ। ਮੀਟਿੰਗ ਵਿੱਚ ਫ਼ੈਸਲਾ ਲਿਆ ਗਿਆ ਕਿ ਸਾਲ ਮਿਤੀ 26, 27, 28 ਅਤੇ 29 ਜੂਨ 2025 ਨੂੰ ਧਾਰਮਿਕ ਸਮਾਗਮ ਕਰਵਾਇਆ ਜਾਵੇਗਾ।
